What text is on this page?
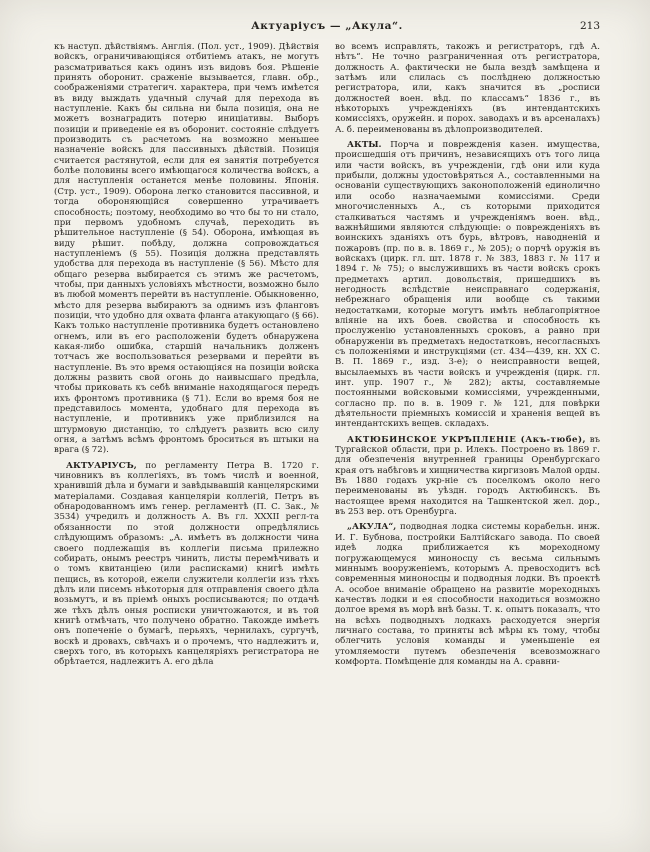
Актуаріусъ — „Акула“.	213

къ наступ. дѣйствіямъ. Англія. (Пол. уст., 1909). Дѣйствія войскъ, ограничивающіяся отбитіемъ атакъ, не могутъ разсматриваться какъ одинъ изъ видовъ боя. Рѣшеніе принять оборонит. сраженіе вызывается, главн. обр., соображеніями стратегич. характера, при чемъ имѣется въ виду выждать удачный случай для перехода въ наступленіе. Какъ бы сильна ни была позиція, она не можетъ вознаградить потерю иниціативы. Выборъ позиціи и приведеніе ея въ оборонит. состояніе слѣдуетъ производить съ расчетомъ на возможно меньшее назначеніе войскъ для пассивныхъ дѣйствій. Позиція считается растянутой, если для ея занятія потребуется болѣе половины всего имѣющагося количества войскъ, а для наступленія останется менѣе половины. Японія. (Стр. уст., 1909). Оборона легко становится пассивной, и тогда обороняющійся совершенно утрачиваетъ способность; поэтому, необходимо во что бы то ни стало, при первомъ удобномъ случаѣ, переходить въ рѣшительное наступленіе (§ 54). Оборона, имѣющая въ виду рѣшит. побѣду, должна сопровождаться наступленіемъ (§ 55). Позиція должна представлять удобства для перехода въ наступленіе (§ 56). Мѣсто для общаго резерва выбирается съ этимъ же расчетомъ, чтобы, при данныхъ условіяхъ мѣстности, возможно было въ любой моментъ перейти въ наступленіе. Обыкновенно, мѣсто для резерва выбираютъ за однимъ изъ фланговъ позиціи, что удобно для охвата фланга атакующаго (§ 66). Какъ только наступленіе противника будетъ остановлено огнемъ, или въ его расположеніи будетъ обнаружена какая-либо ошибка, старшій начальникъ долженъ тотчасъ же воспользоваться резервами и перейти въ наступленіе. Въ это время остающіяся на позиціи войска должны развить свой огонь до наивысшаго предѣла, чтобы приковать къ себѣ вниманіе находящагося передъ ихъ фронтомъ противника (§ 71). Если во время боя не представилось момента, удобнаго для перехода въ наступленіе, и противникъ уже приблизился на штурмовую дистанцію, то слѣдуетъ развить всю силу огня, а затѣмъ всѣмъ фронтомъ броситься въ штыки на врага (§ 72).

АКТУАРІУСЪ, по регламенту Петра В. 1720 г. чиновникъ въ коллегіяхъ, въ томъ числѣ и военной, хранившій дѣла и бумаги и завѣдывавшій канцелярскими матеріалами. Создавая канцеляріи коллегій, Петръ въ обнародованномъ имъ генер. регламентѣ (П. С. Зак., № 3534) учредилъ и должность А. Въ гл. XXXII регл-та обязанности по этой должности опредѣлялись слѣдующимъ образомъ: „А. имѣетъ въ должности чина своего подлежащія въ коллегіи письма прилежно собирать, онымъ реестръ чинить, листы перемѣчивать и о томъ квитанціею (или расписками) книгѣ имѣть пещись, въ которой, ежели служители коллегіи изъ тѣхъ дѣлъ или писемъ нѣкоторыя для отправленія своего дѣла возьмутъ, и въ пріемѣ оныхъ росписываются; по отдачѣ же тѣхъ дѣлъ оныя росписки уничтожаются, и въ той книгѣ отмѣчать, что получено обратно. Такожде имѣетъ онъ попеченіе о бумагѣ, перьяхъ, чернилахъ, сургучѣ, воскѣ и дровахъ, свѣчахъ и о прочемъ, что надлежитъ и, сверхъ того, въ которыхъ канцеляріяхъ регистратора не обрѣтается, надлежитъ А. его дѣла

во всемъ исправлять, такожъ и регистраторъ, гдѣ А. нѣтъ“. Не точно разграниченная отъ регистратора, должность А. фактически не была вездѣ замѣщена и затѣмъ или слилась съ послѣднею должностью регистратора, или, какъ значится въ „росписи должностей воен. вѣд. по классамъ“ 1836 г., въ нѣкоторыхъ учрежденіяхъ (въ интендантскихъ комиссіяхъ, оружейн. и порох. заводахъ и въ арсеналахъ) А. б. переименованы въ дѣлопроизводителей.

АКТЫ. Порча и поврежденія казен. имущества, происшедшія отъ причинъ, независящихъ отъ того лица или части войскъ, въ учрежденіи, гдѣ они или куда прибыли, должны удостовѣряться А., составленными на основаніи существующихъ законоположеній единолично или особо назначаемыми комиссіями. Среди многочисленныхъ А., съ которыми приходится сталкиваться частямъ и учрежденіямъ воен. вѣд., важнѣйшими являются слѣдующіе: о поврежденіяхъ въ воинскихъ зданіяхъ отъ бурь, вѣтровъ, наводненій и пожаровъ (пр. по в. в. 1869 г., № 205); о порчѣ оружія въ войскахъ (цирк. гл. шт. 1878 г. № 383, 1883 г. № 117 и 1894 г. № 75); о выслужившихъ въ части войскъ срокъ предметахъ артил. довольствія, пришедшихъ въ негодность вслѣдствіе неисправнаго содержанія, небрежнаго обращенія или вообще съ такими недостатками, которые могутъ имѣть неблагопріятное вліяніе на ихъ боев. свойства и способность къ прослуженію установленныхъ сроковъ, а равно при обнаруженіи въ предметахъ недостатковъ, несогласныхъ съ положеніями и инструкціями (ст. 434—439, кн. XX С. В. П. 1869 г., изд. 3-е); о неисправности вещей, высылаемыхъ въ части войскъ и учрежденія (цирк. гл. инт. упр. 1907 г., № 282); акты, составляемые постоянными войсковыми комиссіями, учрежденными, согласно пр. по в. в. 1909 г. № 121, для повѣрки дѣятельности пріемныхъ комиссій и храненія вещей въ интендантскихъ вещев. складахъ.

АКТЮБИНСКОЕ УКРѢПЛЕНІЕ (Акъ-тюбе), въ Тургайской области, при р. Илекъ. Построено въ 1869 г. для обезпеченія внутренней границы Оренбургскаго края отъ набѣговъ и хищничества киргизовъ Малой орды. Въ 1880 годахъ укр-ніе съ поселкомъ около него переименованы въ уѣздн. городъ Актюбинскъ. Въ настоящее время находится на Ташкентской жел. дор., въ 253 вер. отъ Оренбурга.

„АКУЛА“, подводная лодка системы корабельн. инж. И. Г. Бубнова, постройки Балтійскаго завода. По своей идеѣ лодка приближается къ мореходному погружающемуся миноносцу съ весьма сильнымъ миннымъ вооруженіемъ, которымъ А. превосходитъ всѣ современныя миноносцы и подводныя лодки. Въ проектѣ А. особое вниманіе обращено на развитіе мореходныхъ качествъ лодки и ея способности находиться возможно долгое время въ морѣ внѣ базы. Т. к. опытъ показалъ, что на всѣхъ подводныхъ лодкахъ расходуется энергія личнаго состава, то приняты всѣ мѣры къ тому, чтобы облегчить условія команды и уменьшеніе ея утомляемости путемъ обезпеченія всевозможнаго комфорта. Помѣщеніе для команды на А. сравни-
